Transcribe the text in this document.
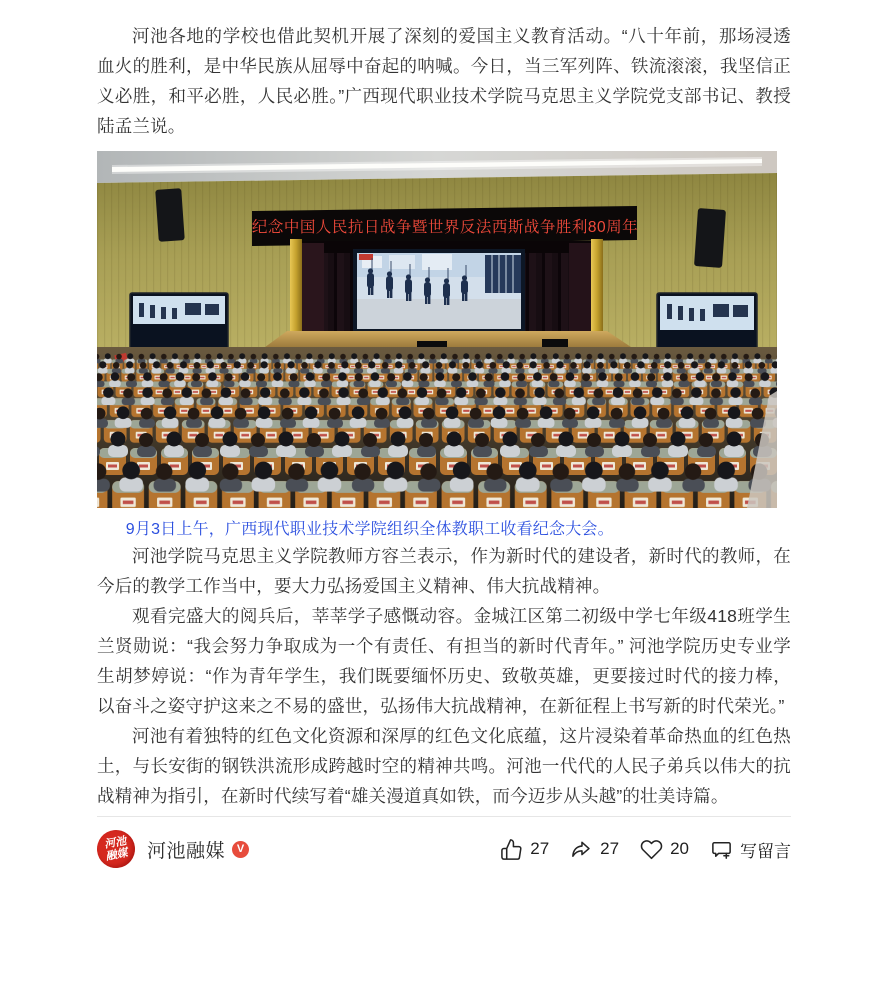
河池各地的学校也借此契机开展了深刻的爱国主义教育活动。“八十年前，那场浸透血火的胜利，是中华民族从屈辱中奋起的呐喊。今日，当三军列阵、铁流滚滚，我坚信正义必胜，和平必胜，人民必胜。”广西现代职业技术学院马克思主义学院党支部书记、教授陆孟兰说。

纪念中国人民抗日战争暨世界反法西斯战争胜利80周年

9月3日上午，广西现代职业技术学院组织全体教职工收看纪念大会。

河池学院马克思主义学院教师方容兰表示，作为新时代的建设者，新时代的教师，在今后的教学工作当中，要大力弘扬爱国主义精神、伟大抗战精神。

观看完盛大的阅兵后，莘莘学子感慨动容。金城江区第二初级中学七年级418班学生兰贤勋说：“我会努力争取成为一个有责任、有担当的新时代青年。” 河池学院历史专业学生胡梦婷说：“作为青年学生，我们既要缅怀历史、致敬英雄，更要接过时代的接力棒，以奋斗之姿守护这来之不易的盛世，弘扬伟大抗战精神，在新征程上书写新的时代荣光。”

河池有着独特的红色文化资源和深厚的红色文化底蕴，这片浸染着革命热血的红色热土，与长安街的钢铁洪流形成跨越时空的精神共鸣。河池一代代的人民子弟兵以伟大的抗战精神为指引，在新时代续写着“雄关漫道真如铁，而今迈步从头越”的壮美诗篇。

河池
融媒 河池融媒	V	27	27	20	写留言
